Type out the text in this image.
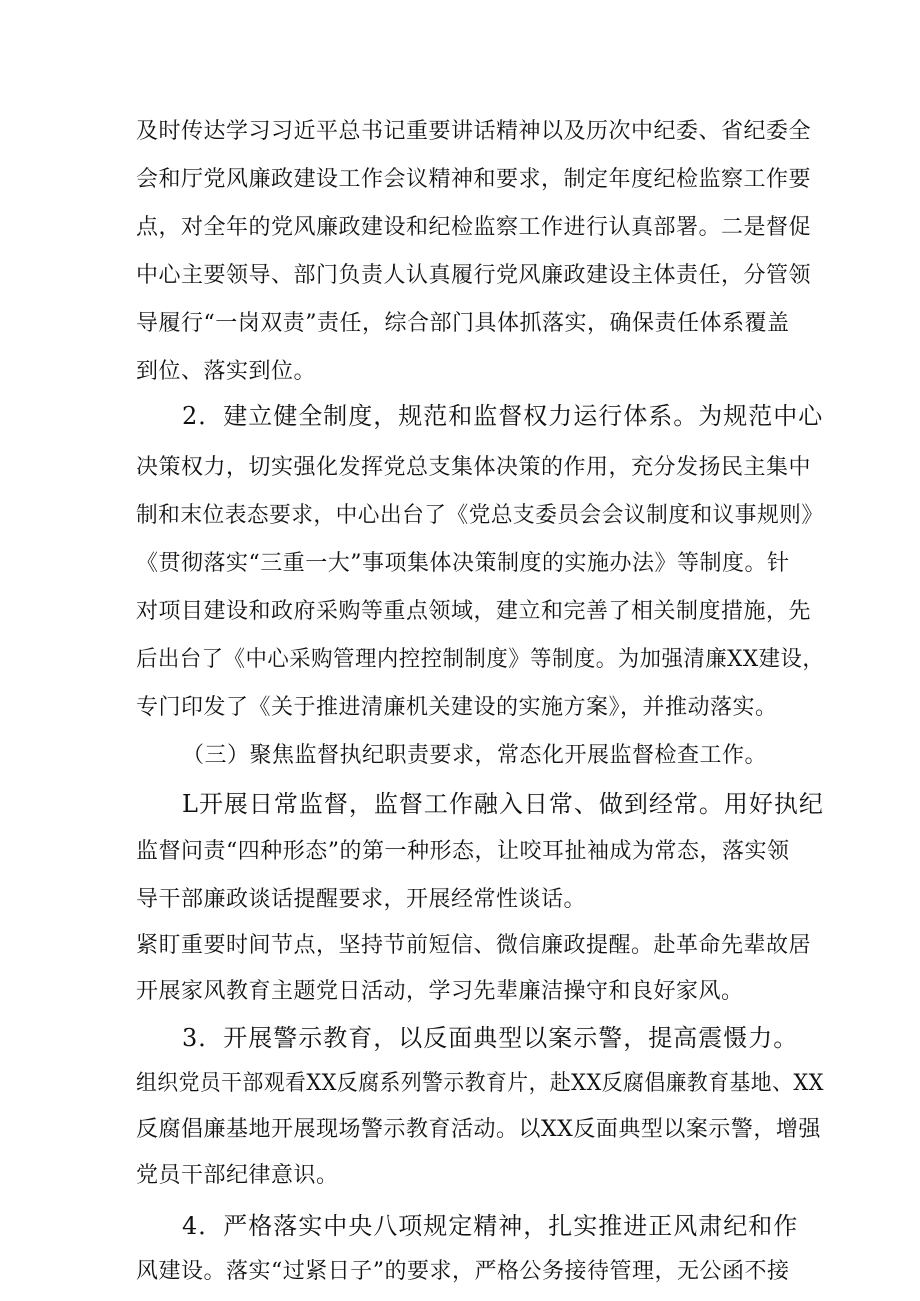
及时传达学习习近平总书记重要讲话精神以及历次中纪委、省纪委全
会和厅党风廉政建设工作会议精神和要求，制定年度纪检监察工作要
点，对全年的党风廉政建设和纪检监察工作进行认真部署。二是督促
中心主要领导、部门负责人认真履行党风廉政建设主体责任，分管领
导履行“一岗双责”责任，综合部门具体抓落实，确保责任体系覆盖
到位、落实到位。
2．建立健全制度，规范和监督权力运行体系。为规范中心
决策权力，切实强化发挥党总支集体决策的作用，充分发扬民主集中
制和末位表态要求，中心出台了《党总支委员会会议制度和议事规则》
《贯彻落实“三重一大”事项集体决策制度的实施办法》等制度。针
对项目建设和政府采购等重点领域，建立和完善了相关制度措施，先
后出台了《中心采购管理内控控制制度》等制度。为加强清廉XX建设，
专门印发了《关于推进清廉机关建设的实施方案》，并推动落实。
（三）聚焦监督执纪职责要求，常态化开展监督检查工作。
L开展日常监督，监督工作融入日常、做到经常。用好执纪
监督问责“四种形态”的第一种形态，让咬耳扯袖成为常态，落实领
导干部廉政谈话提醒要求，开展经常性谈话。
紧盯重要时间节点，坚持节前短信、微信廉政提醒。赴革命先辈故居
开展家风教育主题党日活动，学习先辈廉洁操守和良好家风。
3．开展警示教育，以反面典型以案示警，提高震慑力。
组织党员干部观看XX反腐系列警示教育片，赴XX反腐倡廉教育基地、XX
反腐倡廉基地开展现场警示教育活动。以XX反面典型以案示警，增强
党员干部纪律意识。
4．严格落实中央八项规定精神，扎实推进正风肃纪和作
风建设。落实“过紧日子”的要求，严格公务接待管理，无公函不接
